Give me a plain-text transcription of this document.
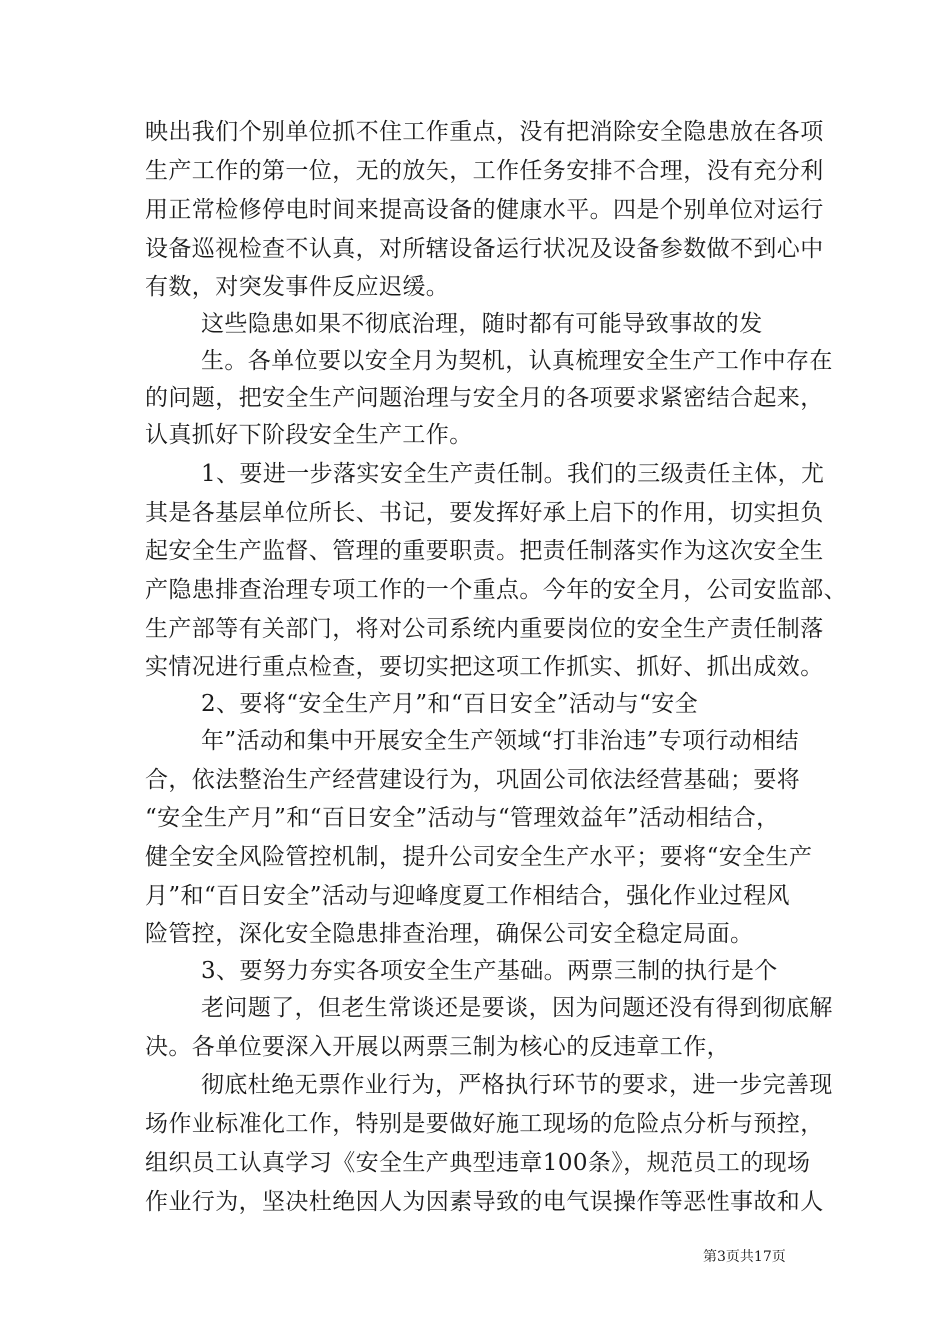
映出我们个别单位抓不住工作重点，没有把消除安全隐患放在各项
生产工作的第一位，无的放矢，工作任务安排不合理，没有充分利
用正常检修停电时间来提高设备的健康水平。四是个别单位对运行
设备巡视检查不认真，对所辖设备运行状况及设备参数做不到心中
有数，对突发事件反应迟缓。
这些隐患如果不彻底治理，随时都有可能导致事故的发
生。各单位要以安全月为契机，认真梳理安全生产工作中存在
的问题，把安全生产问题治理与安全月的各项要求紧密结合起来，
认真抓好下阶段安全生产工作。
1、要进一步落实安全生产责任制。我们的三级责任主体，尤
其是各基层单位所长、书记，要发挥好承上启下的作用，切实担负
起安全生产监督、管理的重要职责。把责任制落实作为这次安全生
产隐患排查治理专项工作的一个重点。今年的安全月，公司安监部、
生产部等有关部门，将对公司系统内重要岗位的安全生产责任制落
实情况进行重点检查，要切实把这项工作抓实、抓好、抓出成效。
2、要将“安全生产月”和“百日安全”活动与“安全
年”活动和集中开展安全生产领域“打非治违”专项行动相结
合，依法整治生产经营建设行为，巩固公司依法经营基础；要将
“安全生产月”和“百日安全”活动与“管理效益年”活动相结合，
健全安全风险管控机制，提升公司安全生产水平；要将“安全生产
月”和“百日安全”活动与迎峰度夏工作相结合，强化作业过程风
险管控，深化安全隐患排查治理，确保公司安全稳定局面。
3、要努力夯实各项安全生产基础。两票三制的执行是个
老问题了，但老生常谈还是要谈，因为问题还没有得到彻底解
决。各单位要深入开展以两票三制为核心的反违章工作，
彻底杜绝无票作业行为，严格执行环节的要求，进一步完善现
场作业标准化工作，特别是要做好施工现场的危险点分析与预控，
组织员工认真学习《安全生产典型违章100条》，规范员工的现场
作业行为，坚决杜绝因人为因素导致的电气误操作等恶性事故和人
第3页共17页
